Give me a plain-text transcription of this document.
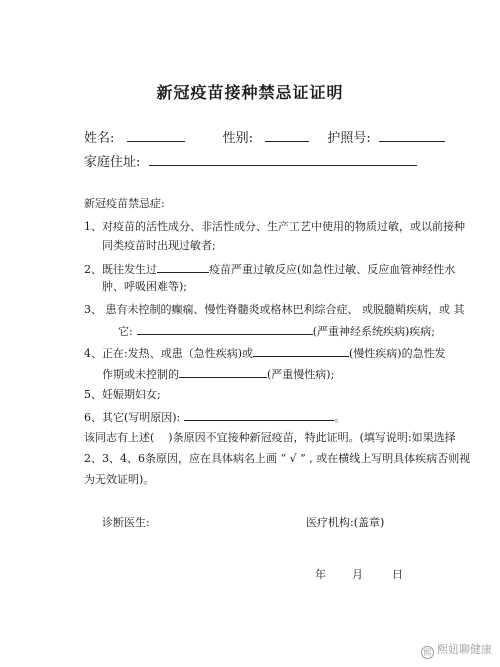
新冠疫苗接种禁忌证证明
姓名:	性别:	护照号:
家庭住址:
新冠疫苗禁忌症:
1、对疫苗的活性成分、非活性成分、生产工艺中使用的物质过敏，或以前接种
同类疫苗时出现过敏者;
2、既往发生过	疫苗严重过敏反应(如急性过敏、反应血管神经性水
肿、呼吸困难等);
3、 患有未控制的癫痫、慢性脊髓炎或格林巴利综合症、 或脱髓鞘疾病，或 其
它:	(严重神经系统疾病)疾病;
4、正在:发热、或患（急性疾病)或	(慢性疾病)的急性发
作期或未控制的	(严重慢性病);
5、妊娠期妇女;
6、其它(写明原因):	。
该同志有上述( )条原因不宜接种新冠疫苗，特此证明。(填写说明:如果选择
2、3、4、6条原因，应在具体病名上画 “ √ ” , 或在横线上写明具体疾病否则视
为无效证明)。
诊断医生:	医疗机构:(盖章)
年 月	日
熙 熙妞聊健康
